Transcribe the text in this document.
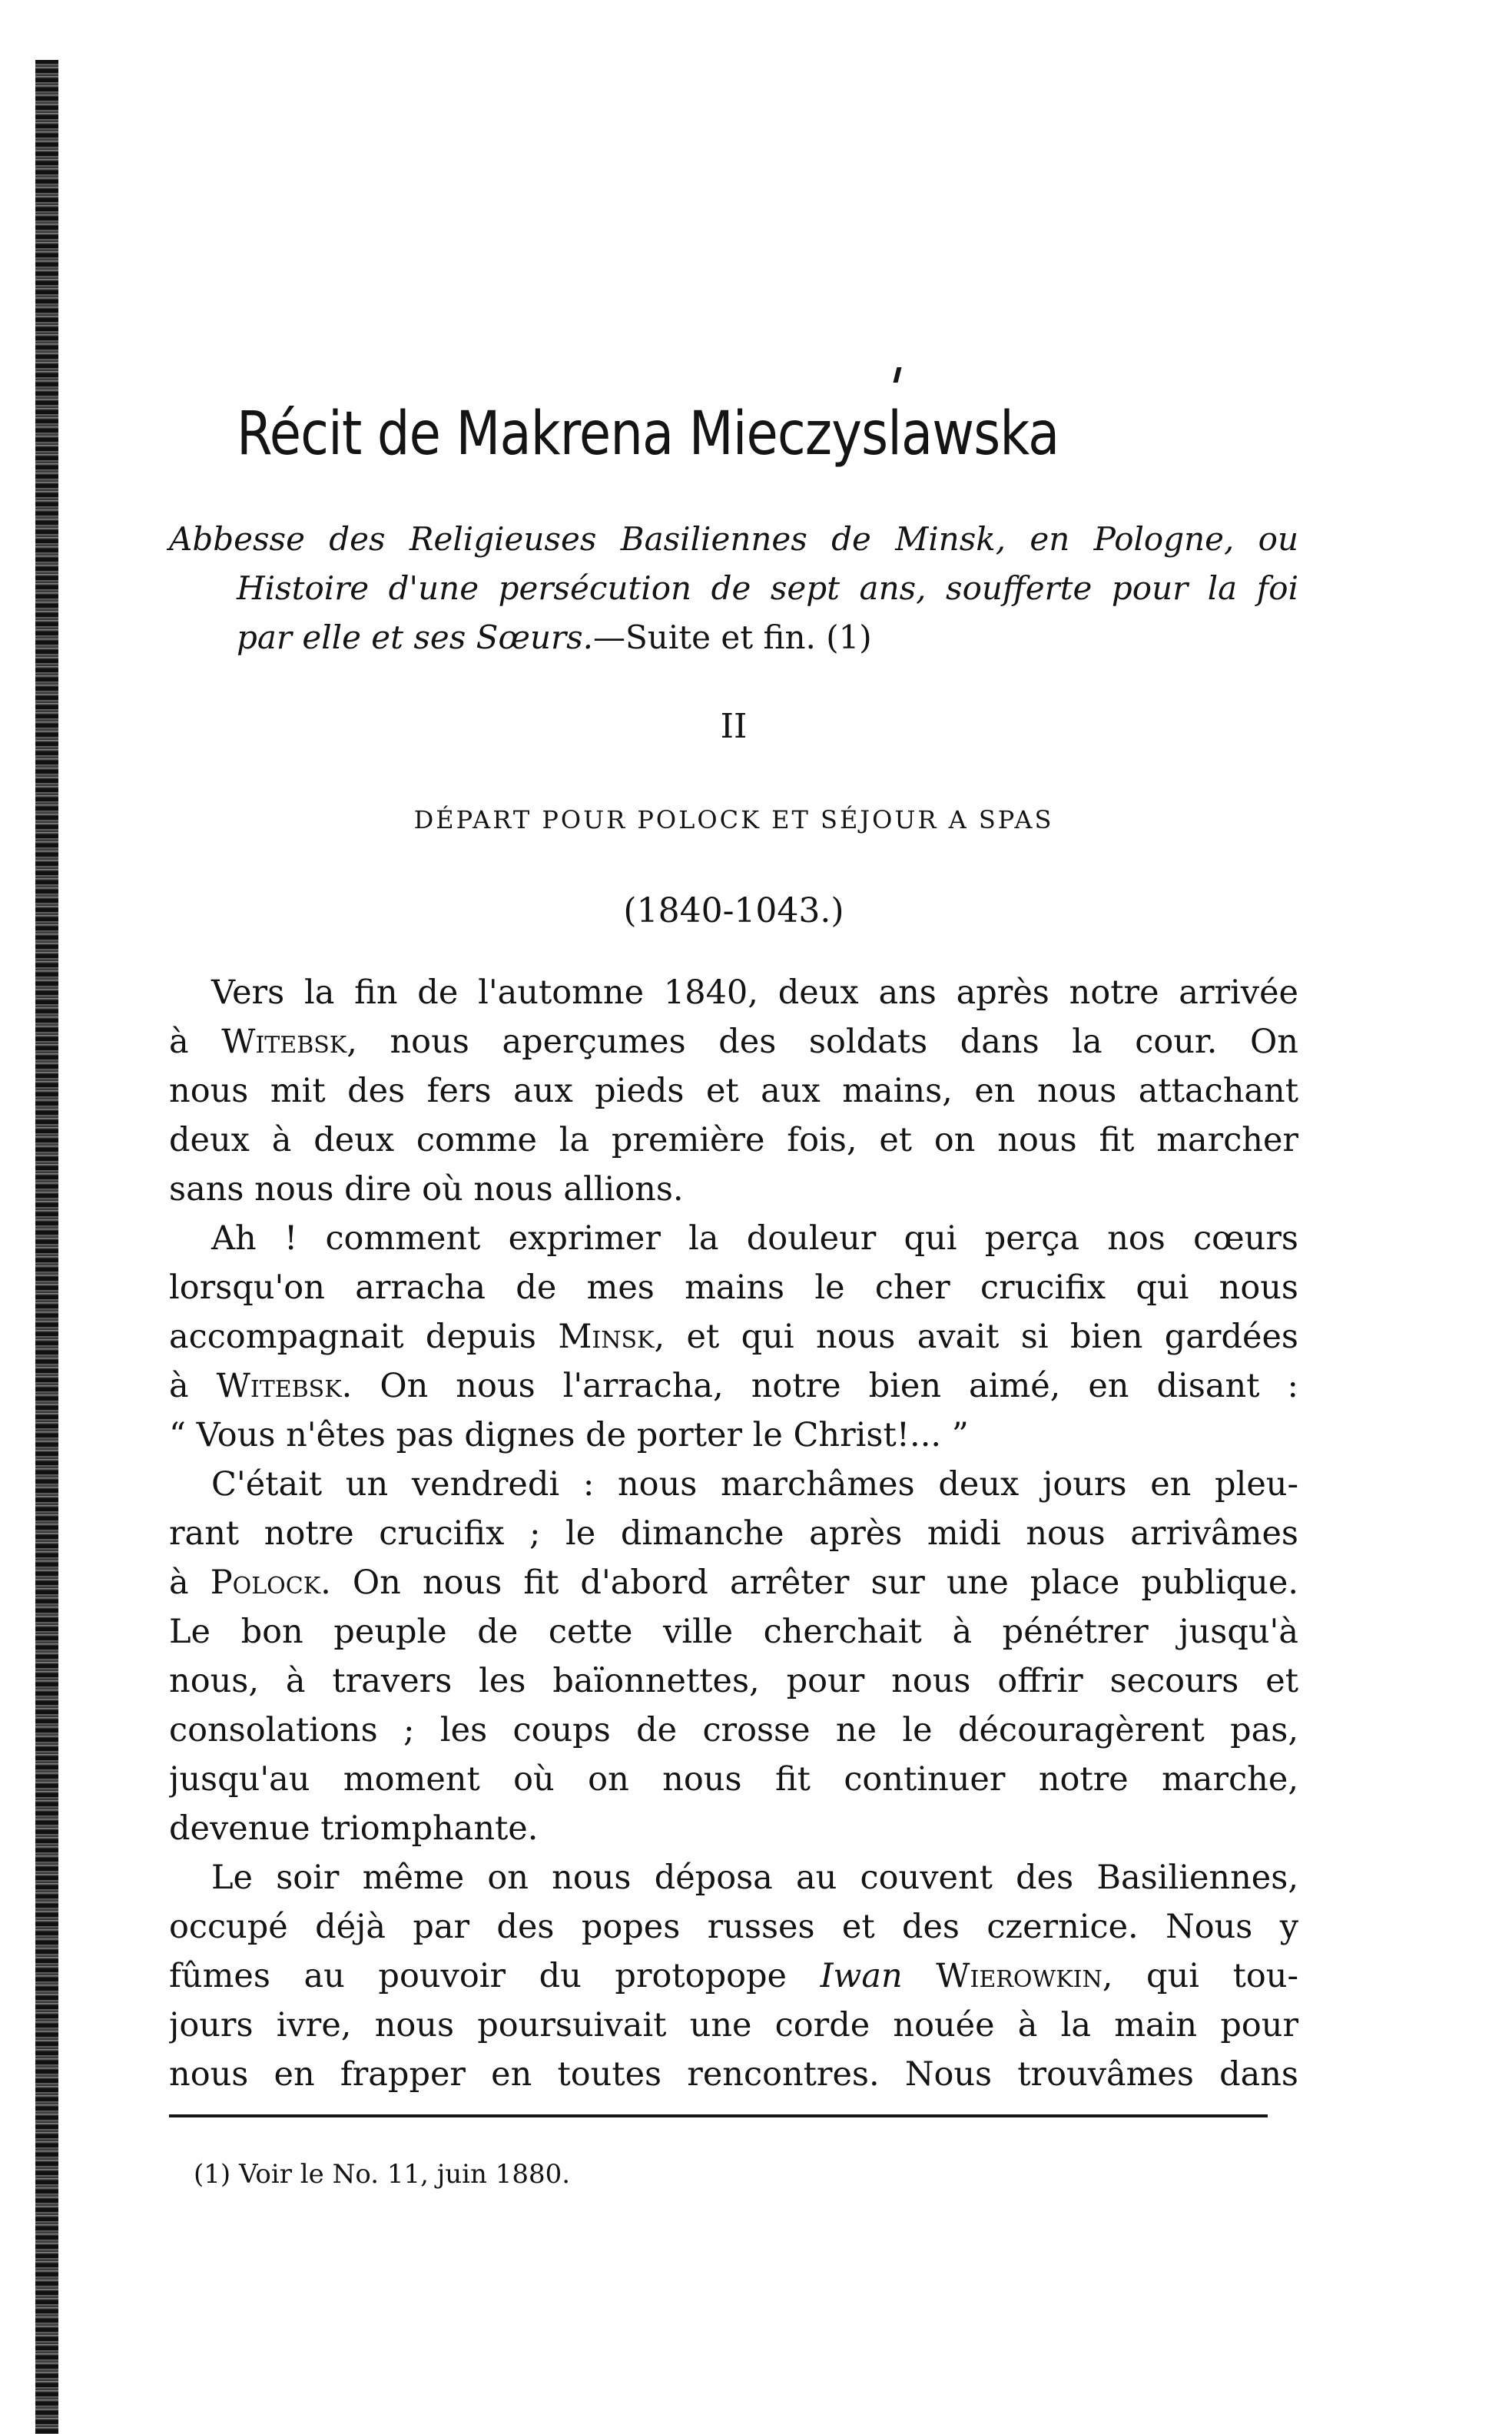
Récit de Makrena Mieczyslawska
Abbesse des Religieuses Basiliennes de Minsk, en Pologne, ou
Histoire d'une persécution de sept ans, soufferte pour la foi
par elle et ses Sœurs.—Suite et fin. (1)
II
DÉPART POUR POLOCK ET SÉJOUR A SPAS
(1840-1043.)

Vers la fin de l'automne 1840, deux ans après notre arrivée
à Witebsk, nous aperçumes des soldats dans la cour. On
nous mit des fers aux pieds et aux mains, en nous attachant
deux à deux comme la première fois, et on nous fit marcher
sans nous dire où nous allions.

Ah ! comment exprimer la douleur qui perça nos cœurs
lorsqu'on arracha de mes mains le cher crucifix qui nous
accompagnait depuis Minsk, et qui nous avait si bien gardées
à Witebsk. On nous l'arracha, notre bien aimé, en disant :
“ Vous n'êtes pas dignes de porter le Christ!... ”

C'était un vendredi : nous marchâmes deux jours en pleu-
rant notre crucifix ; le dimanche après midi nous arrivâmes
à Polock. On nous fit d'abord arrêter sur une place publique.
Le bon peuple de cette ville cherchait à pénétrer jusqu'à
nous, à travers les baïonnettes, pour nous offrir secours et
consolations ; les coups de crosse ne le découragèrent pas,
jusqu'au moment où on nous fit continuer notre marche,
devenue triomphante.

Le soir même on nous déposa au couvent des Basiliennes,
occupé déjà par des popes russes et des czernice. Nous y
fûmes au pouvoir du protopope Iwan Wierowkin, qui tou-
jours ivre, nous poursuivait une corde nouée à la main pour
nous en frapper en toutes rencontres. Nous trouvâmes dans

(1) Voir le No. 11, juin 1880.
